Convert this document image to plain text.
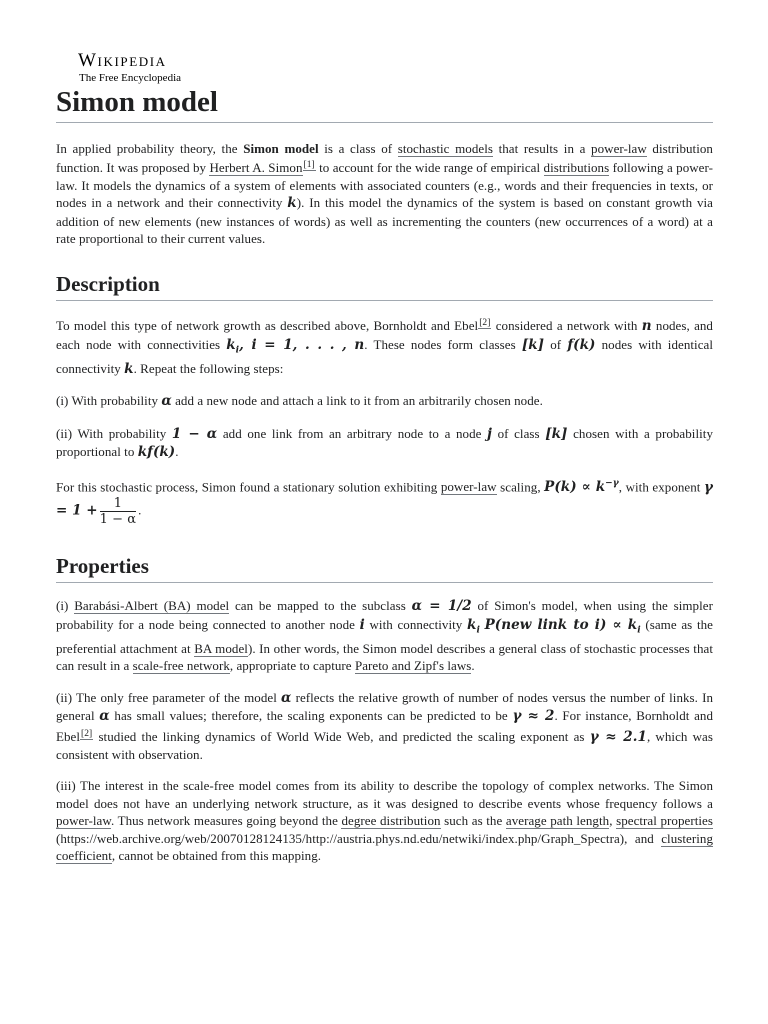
Wikipedia
The Free Encyclopedia
Simon model

In applied probability theory, the Simon model is a class of stochastic models that results in a power-law distribution function. It was proposed by Herbert A. Simon[1] to account for the wide range of empirical distributions following a power-law. It models the dynamics of a system of elements with associated counters (e.g., words and their frequencies in texts, or nodes in a network and their connectivity k). In this model the dynamics of the system is based on constant growth via addition of new elements (new instances of words) as well as incrementing the counters (new occurrences of a word) at a rate proportional to their current values.

Description

To model this type of network growth as described above, Bornholdt and Ebel[2] considered a network with n nodes, and each node with connectivities $k_i$, i = 1, . . . , n. These nodes form classes [k] of f(k) nodes with identical connectivity k. Repeat the following steps:

(i) With probability α add a new node and attach a link to it from an arbitrarily chosen node.

(ii) With probability 1 − α add one link from an arbitrary node to a node j of class [k] chosen with a probability proportional to kf(k).

For this stochastic process, Simon found a stationary solution exhibiting power-law scaling, $P(k) \propto k^{-\gamma}$, with exponent $\gamma = 1 + \frac{1}{1 - \alpha}$ .

Properties

(i) Barabási-Albert (BA) model can be mapped to the subclass α = 1/2 of Simon's model, when using the simpler probability for a node being connected to another node i with connectivity $k_i$ P(new link to $i) \propto k_i$ (same as the preferential attachment at BA model). In other words, the Simon model describes a general class of stochastic processes that can result in a scale-free network, appropriate to capture Pareto and Zipf's laws.

(ii) The only free parameter of the model α reflects the relative growth of number of nodes versus the number of links. In general α has small values; therefore, the scaling exponents can be predicted to be γ ≈ 2. For instance, Bornholdt and Ebel[2] studied the linking dynamics of World Wide Web, and predicted the scaling exponent as γ ≈ 2.1, which was consistent with observation.

(iii) The interest in the scale-free model comes from its ability to describe the topology of complex networks. The Simon model does not have an underlying network structure, as it was designed to describe events whose frequency follows a power-law. Thus network measures going beyond the degree distribution such as the average path length, spectral properties (https://web.archive.org/web/20070128124135/http://austria.phys.nd.edu/netwiki/index.php/Graph_Spectra), and clustering coefficient, cannot be obtained from this mapping.
